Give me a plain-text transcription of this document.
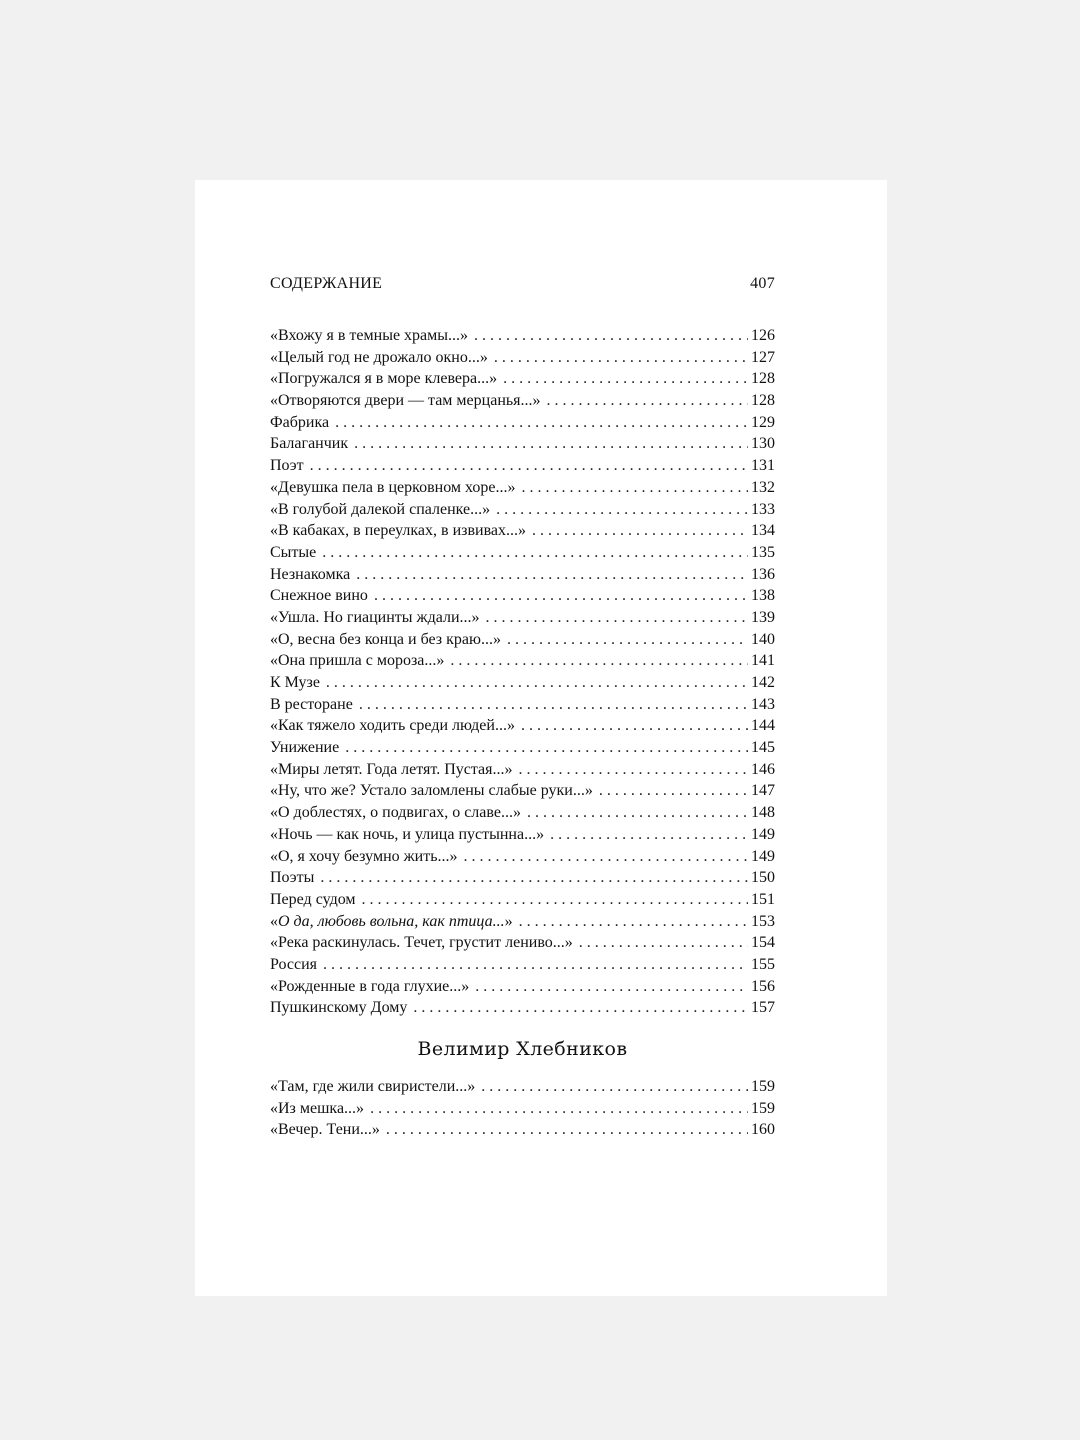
СОДЕРЖАНИЕ	407
«Вхожу я в темные храмы...» . . .	126
«Целый год не дрожало окно...» . . .	127
«Погружался я в море клевера...» . . .	128
«Отворяются двери — там мерцанья...» . . .	128
Фабрика . . .	129
Балаганчик . . .	130
Поэт . . .	131
«Девушка пела в церковном хоре...» . . .	132
«В голубой далекой спаленке...» . . .	133
«В кабаках, в переулках, в извивах...» . . .	134
Сытые . . .	135
Незнакомка . . .	136
Снежное вино . . .	138
«Ушла. Но гиацинты ждали...» . . .	139
«О, весна без конца и без краю...» . . .	140
«Она пришла с мороза...» . . .	141
К Музе . . .	142
В ресторане . . .	143
«Как тяжело ходить среди людей...» . . .	144
Унижение . . .	145
«Миры летят. Года летят. Пустая...» . . .	146
«Ну, что же? Устало заломлены слабые руки...» . . .	147
«О доблестях, о подвигах, о славе...» . . .	148
«Ночь — как ночь, и улица пустынна...» . . .	149
«О, я хочу безумно жить...» . . .	149
Поэты . . .	150
Перед судом . . .	151
«О да, любовь вольна, как птица...» . . .	153
«Река раскинулась. Течет, грустит лениво...» . . .	154
Россия . . .	155
«Рожденные в года глухие...» . . .	156
Пушкинскому Дому . . .	157
Велимир Хлебников
«Там, где жили свиристели...» . . .	159
«Из мешка...» . . .	159
«Вечер. Тени...» . . .	160
